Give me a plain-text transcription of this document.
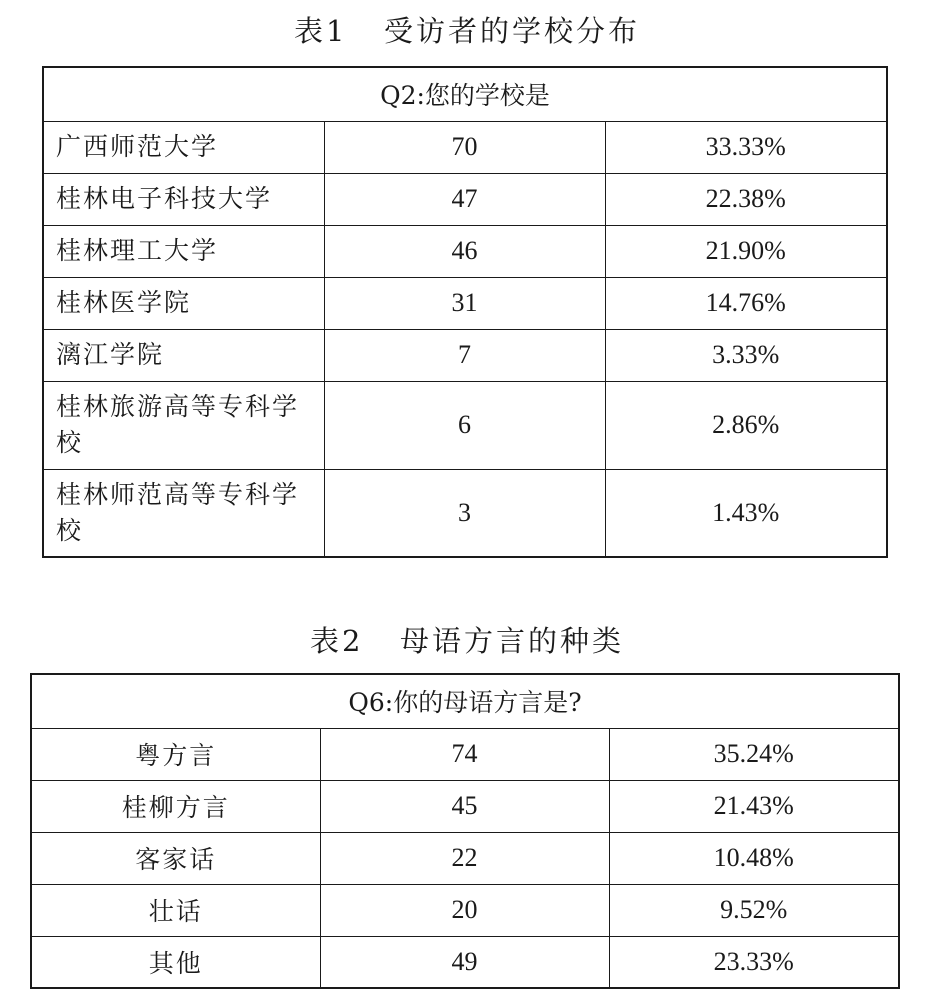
表1   受访者的学校分布
Q2:您的学校是		
广西师范大学	70	33.33%
桂林电子科技大学	47	22.38%
桂林理工大学	46	21.90%
桂林医学院	31	14.76%
漓江学院	7	3.33%
桂林旅游高等专科学校	6	2.86%
桂林师范高等专科学校	3	1.43%
表2   母语方言的种类
Q6:你的母语方言是?		
粤方言	74	35.24%
桂柳方言	45	21.43%
客家话	22	10.48%
壮话	20	9.52%
其他	49	23.33%
